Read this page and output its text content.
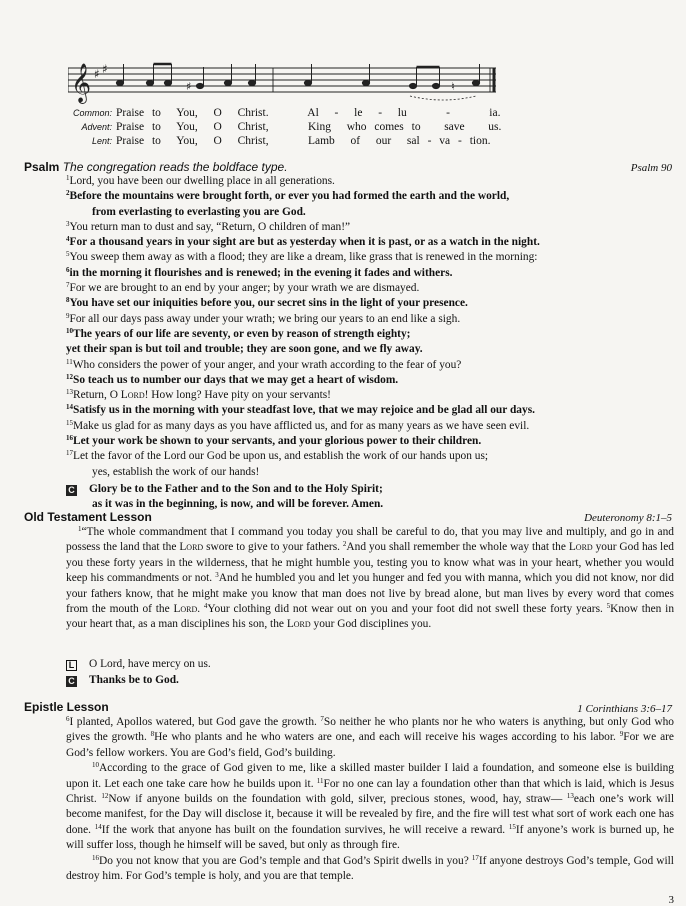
𝄞 ♯ ♯
♯	♮
Common: Praise to  You,  O  Christ.     Al  -  le  -  lu     -     ia.
Advent: Praise to  You,  O  Christ,     King  who comes to   save   us.
Lent: Praise to  You,  O  Christ,     Lamb  of  our  sal - va - tion.
Psalm The congregation reads the boldface type.	Psalm 90
$^1$Lord, you have been our dwelling place in all generations.
$^2$Before the mountains were brought forth, or ever you had formed the earth and the world,
from everlasting to everlasting you are God.
$^3$You return man to dust and say, “Return, O children of man!”
$^4$For a thousand years in your sight are but as yesterday when it is past, or as a watch in the night.
$^5$You sweep them away as with a flood; they are like a dream, like grass that is renewed in the morning:
$^6$in the morning it flourishes and is renewed; in the evening it fades and withers.
$^7$For we are brought to an end by your anger; by your wrath we are dismayed.
$^8$You have set our iniquities before you, our secret sins in the light of your presence.
$^9$For all our days pass away under your wrath; we bring our years to an end like a sigh.
$^{10}$The years of our life are seventy, or even by reason of strength eighty;
yet their span is but toil and trouble; they are soon gone, and we fly away.
$^{11}$Who considers the power of your anger, and your wrath according to the fear of you?
$^{12}$So teach us to number our days that we may get a heart of wisdom.
$^{13}$Return, O Lord! How long? Have pity on your servants!
$^{14}$Satisfy us in the morning with your steadfast love, that we may rejoice and be glad all our days.
$^{15}$Make us glad for as many days as you have afflicted us, and for as many years as we have seen evil.
$^{16}$Let your work be shown to your servants, and your glorious power to their children.
$^{17}$Let the favor of the Lord our God be upon us, and establish the work of our hands upon us;
yes, establish the work of our hands!
C Glory be to the Father and to the Son and to the Holy Spirit;
as it was in the beginning, is now, and will be forever. Amen.
Old Testament Lesson	Deuteronomy 8:1–5

$^1$“The whole commandment that I command you today you shall be careful to do, that you may live and multiply, and go in and possess the land that the Lord swore to give to your fathers. $^2$And you shall remember the whole way that the Lord your God has led you these forty years in the wilderness, that he might humble you, testing you to know what was in your heart, whether you would keep his commandments or not. $^3$And he humbled you and let you hunger and fed you with manna, which you did not know, nor did your fathers know, that he might make you know that man does not live by bread alone, but man lives by every word that comes from the mouth of the Lord. $^4$Your clothing did not wear out on you and your foot did not swell these forty years. $^5$Know then in your heart that, as a man disciplines his son, the Lord your God disciplines you.

L O Lord, have mercy on us.
C Thanks be to God.
Epistle Lesson	1 Corinthians 3:6–17

$^6$I planted, Apollos watered, but God gave the growth. $^7$So neither he who plants nor he who waters is anything, but only God who gives the growth. $^8$He who plants and he who waters are one, and each will receive his wages according to his labor. $^9$For we are God’s fellow workers. You are God’s field, God’s building.

$^{10}$According to the grace of God given to me, like a skilled master builder I laid a foundation, and someone else is building upon it. Let each one take care how he builds upon it. $^{11}$For no one can lay a foundation other than that which is laid, which is Jesus Christ. $^{12}$Now if anyone builds on the foundation with gold, silver, precious stones, wood, hay, straw— $^{13}$each one’s work will become manifest, for the Day will disclose it, because it will be revealed by fire, and the fire will test what sort of work each one has done. $^{14}$If the work that anyone has built on the foundation survives, he will receive a reward. $^{15}$If anyone’s work is burned up, he will suffer loss, though he himself will be saved, but only as through fire.

$^{16}$Do you not know that you are God’s temple and that God’s Spirit dwells in you? $^{17}$If anyone destroys God’s temple, God will destroy him. For God’s temple is holy, and you are that temple.

3
